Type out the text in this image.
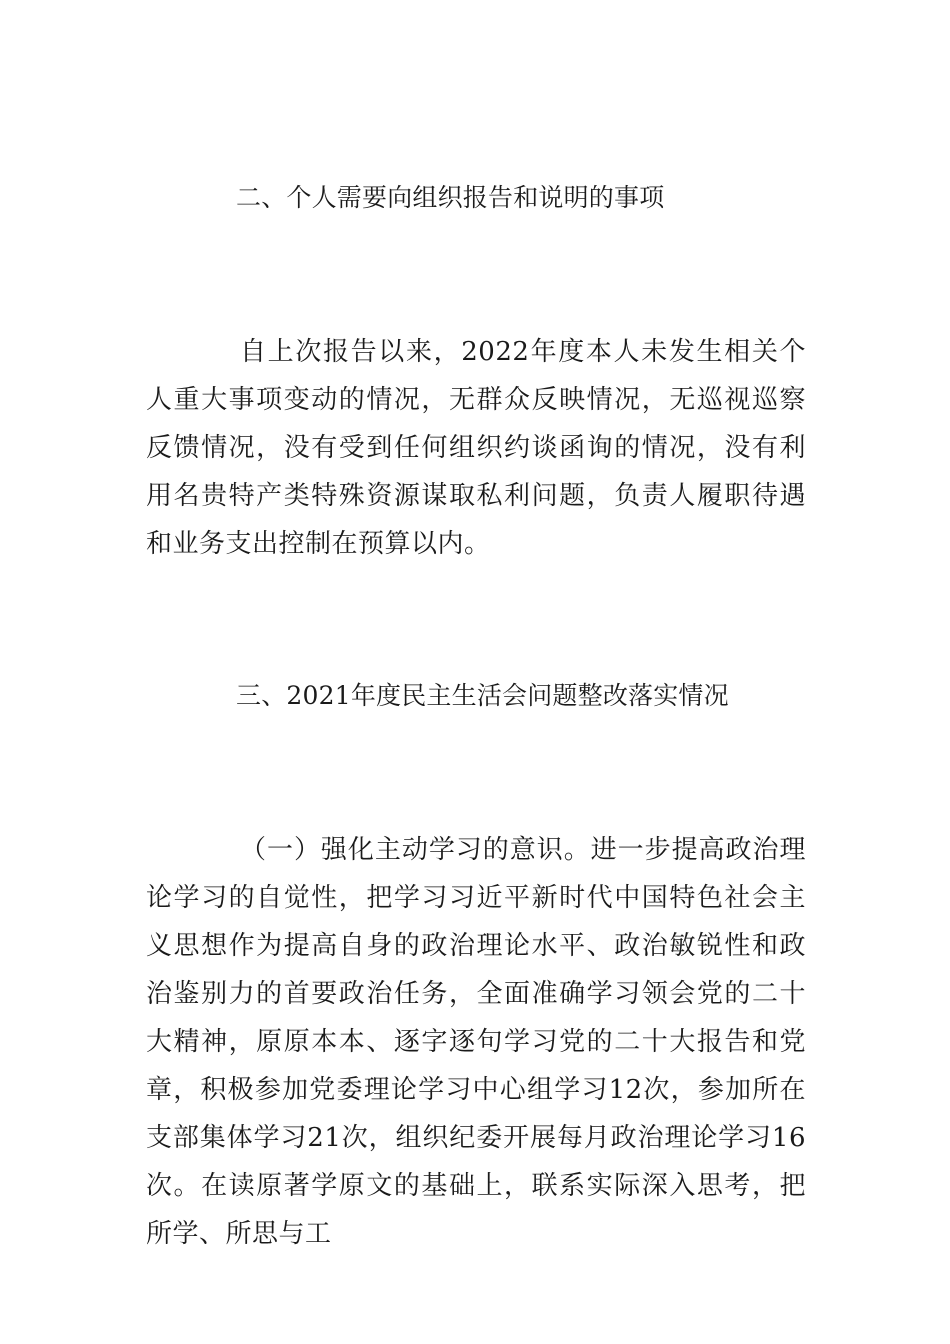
二、个人需要向组织报告和说明的事项
自上次报告以来，2022年度本人未发生相关个人重大事项变动的情况，无群众反映情况，无巡视巡察反馈情况，没有受到任何组织约谈函询的情况，没有利用名贵特产类特殊资源谋取私利问题，负责人履职待遇和业务支出控制在预算以内。
三、2021年度民主生活会问题整改落实情况
（一）强化主动学习的意识。进一步提高政治理论学习的自觉性，把学习习近平新时代中国特色社会主义思想作为提高自身的政治理论水平、政治敏锐性和政治鉴别力的首要政治任务，全面准确学习领会党的二十大精神，原原本本、逐字逐句学习党的二十大报告和党章，积极参加党委理论学习中心组学习12次，参加所在支部集体学习21次，组织纪委开展每月政治理论学习16次。在读原著学原文的基础上，联系实际深入思考，把所学、所思与工
